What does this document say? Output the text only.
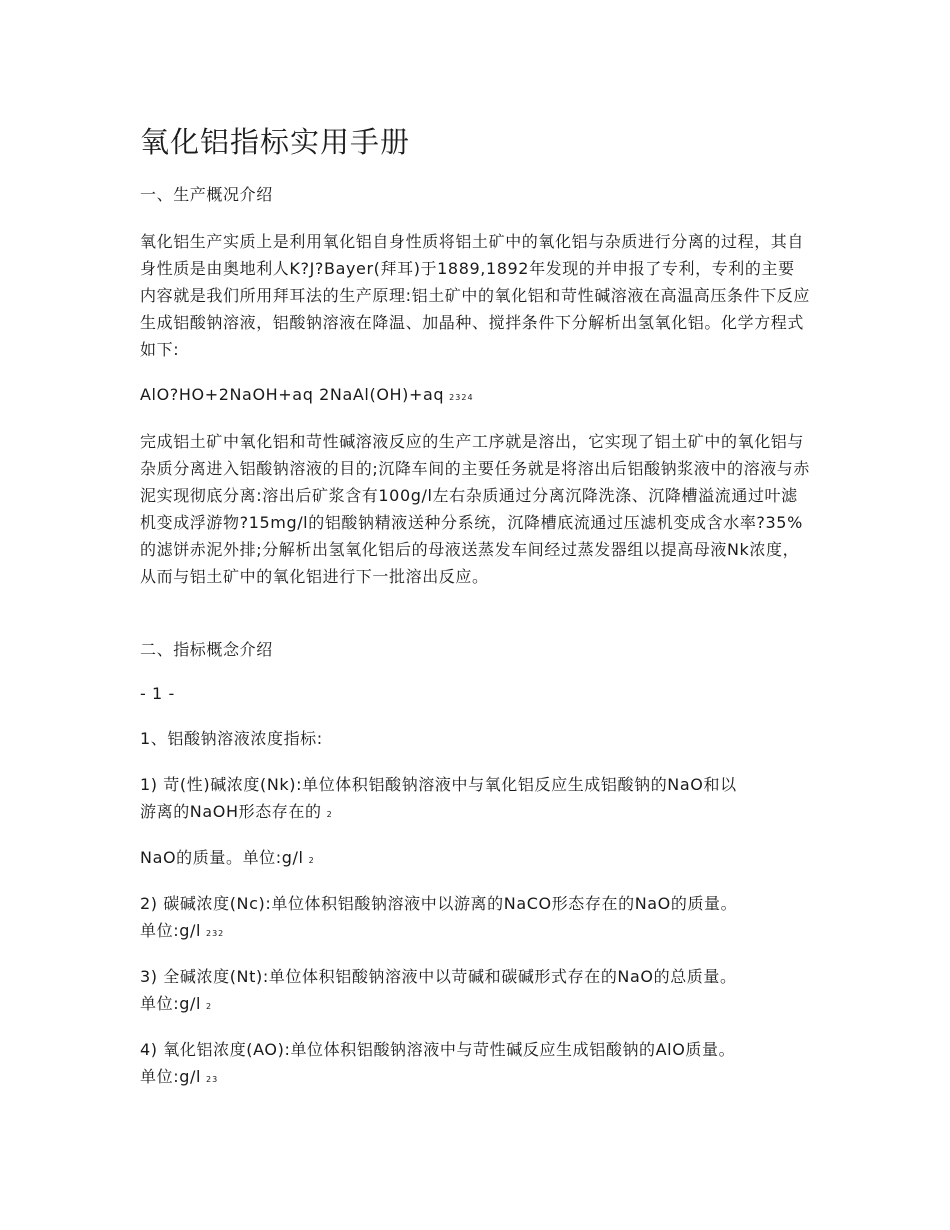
氧化铝指标实用手册

一、生产概况介绍

氧化铝生产实质上是利用氧化铝自身性质将铝土矿中的氧化铝与杂质进行分离的过程，其自身性质是由奥地利人K?J?Bayer(拜耳)于1889,1892年发现的并申报了专利，专利的主要内容就是我们所用拜耳法的生产原理:铝土矿中的氧化铝和苛性碱溶液在高温高压条件下反应生成铝酸钠溶液，铝酸钠溶液在降温、加晶种、搅拌条件下分解析出氢氧化铝。化学方程式如下:

AlO?HO+2NaOH+aq 2NaAl(OH)+aq 2324

完成铝土矿中氧化铝和苛性碱溶液反应的生产工序就是溶出，它实现了铝土矿中的氧化铝与杂质分离进入铝酸钠溶液的目的;沉降车间的主要任务就是将溶出后铝酸钠浆液中的溶液与赤泥实现彻底分离:溶出后矿浆含有100g/l左右杂质通过分离沉降洗涤、沉降槽溢流通过叶滤机变成浮游物?15mg/l的铝酸钠精液送种分系统，沉降槽底流通过压滤机变成含水率?35%的滤饼赤泥外排;分解析出氢氧化铝后的母液送蒸发车间经过蒸发器组以提高母液Nk浓度，从而与铝土矿中的氧化铝进行下一批溶出反应。

二、指标概念介绍

- 1 -

1、铝酸钠溶液浓度指标:

1) 苛(性)碱浓度(Nk):单位体积铝酸钠溶液中与氧化铝反应生成铝酸钠的NaO和以

游离的NaOH形态存在的 2

NaO的质量。单位:g/l 2

2) 碳碱浓度(Nc):单位体积铝酸钠溶液中以游离的NaCO形态存在的NaO的质量。

单位:g/l 232

3) 全碱浓度(Nt):单位体积铝酸钠溶液中以苛碱和碳碱形式存在的NaO的总质量。

单位:g/l 2

4) 氧化铝浓度(AO):单位体积铝酸钠溶液中与苛性碱反应生成铝酸钠的AlO质量。

单位:g/l 23
